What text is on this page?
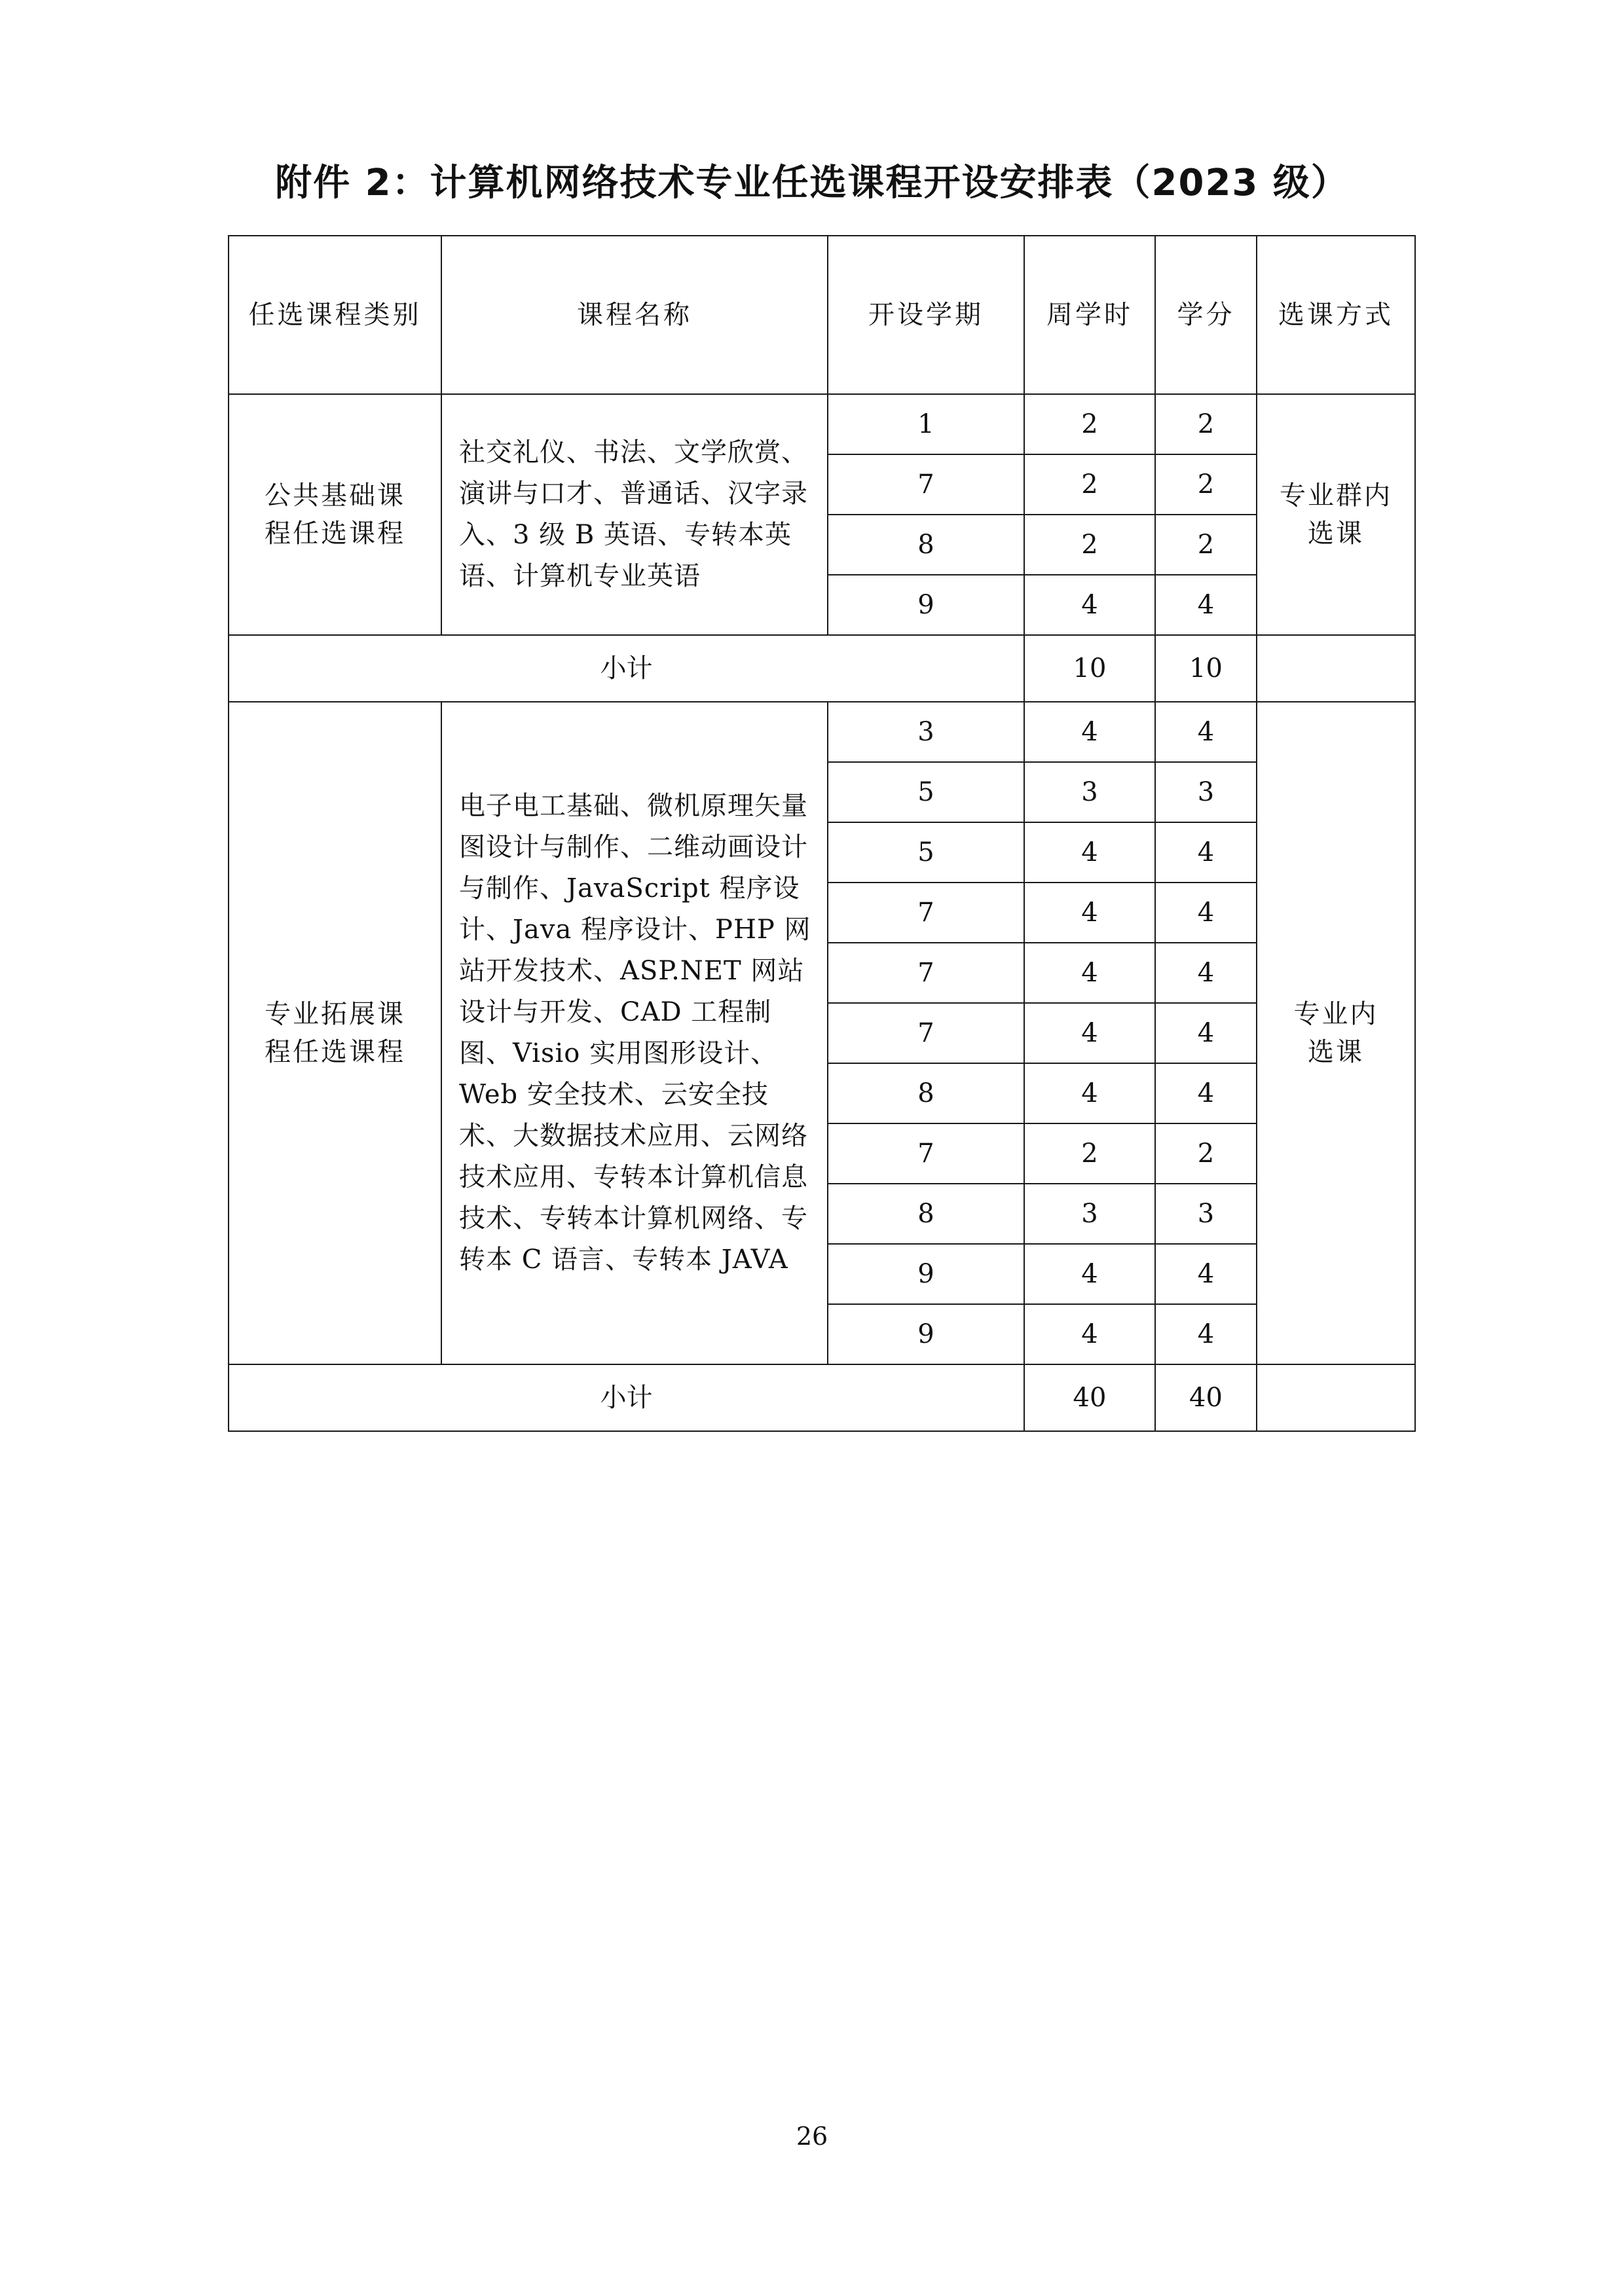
附件 2：计算机网络技术专业任选课程开设安排表（2023 级）
任选课程类别	课程名称	开设学期	周学时	学分	选课方式

公共基础课程任选课程	社交礼仪、书法、文学欣赏、演讲与口才、普通话、汉字录入、3 级 B 英语、专转本英语、计算机专业英语	1	2	2	专业群内选课

		7	2	2	
		8	2	2	
		9	4	4	
小计			10	10	

专业拓展课程任选课程	电子电工基础、微机原理矢量图设计与制作、二维动画设计与制作、JavaScript 程序设计、Java 程序设计、PHP 网站开发技术、ASP.NET 网站设计与开发、CAD 工程制图、Visio 实用图形设计、Web 安全技术、云安全技术、大数据技术应用、云网络技术应用、专转本计算机信息技术、专转本计算机网络、专转本 C 语言、专转本 JAVA	3	4	4	专业内选课

		5	3	3	
		5	4	4	
		7	4	4	
		7	4	4	
		7	4	4	
		8	4	4	
		7	2	2	
		8	3	3	
		9	4	4	
		9	4	4	
小计			40	40	
26
